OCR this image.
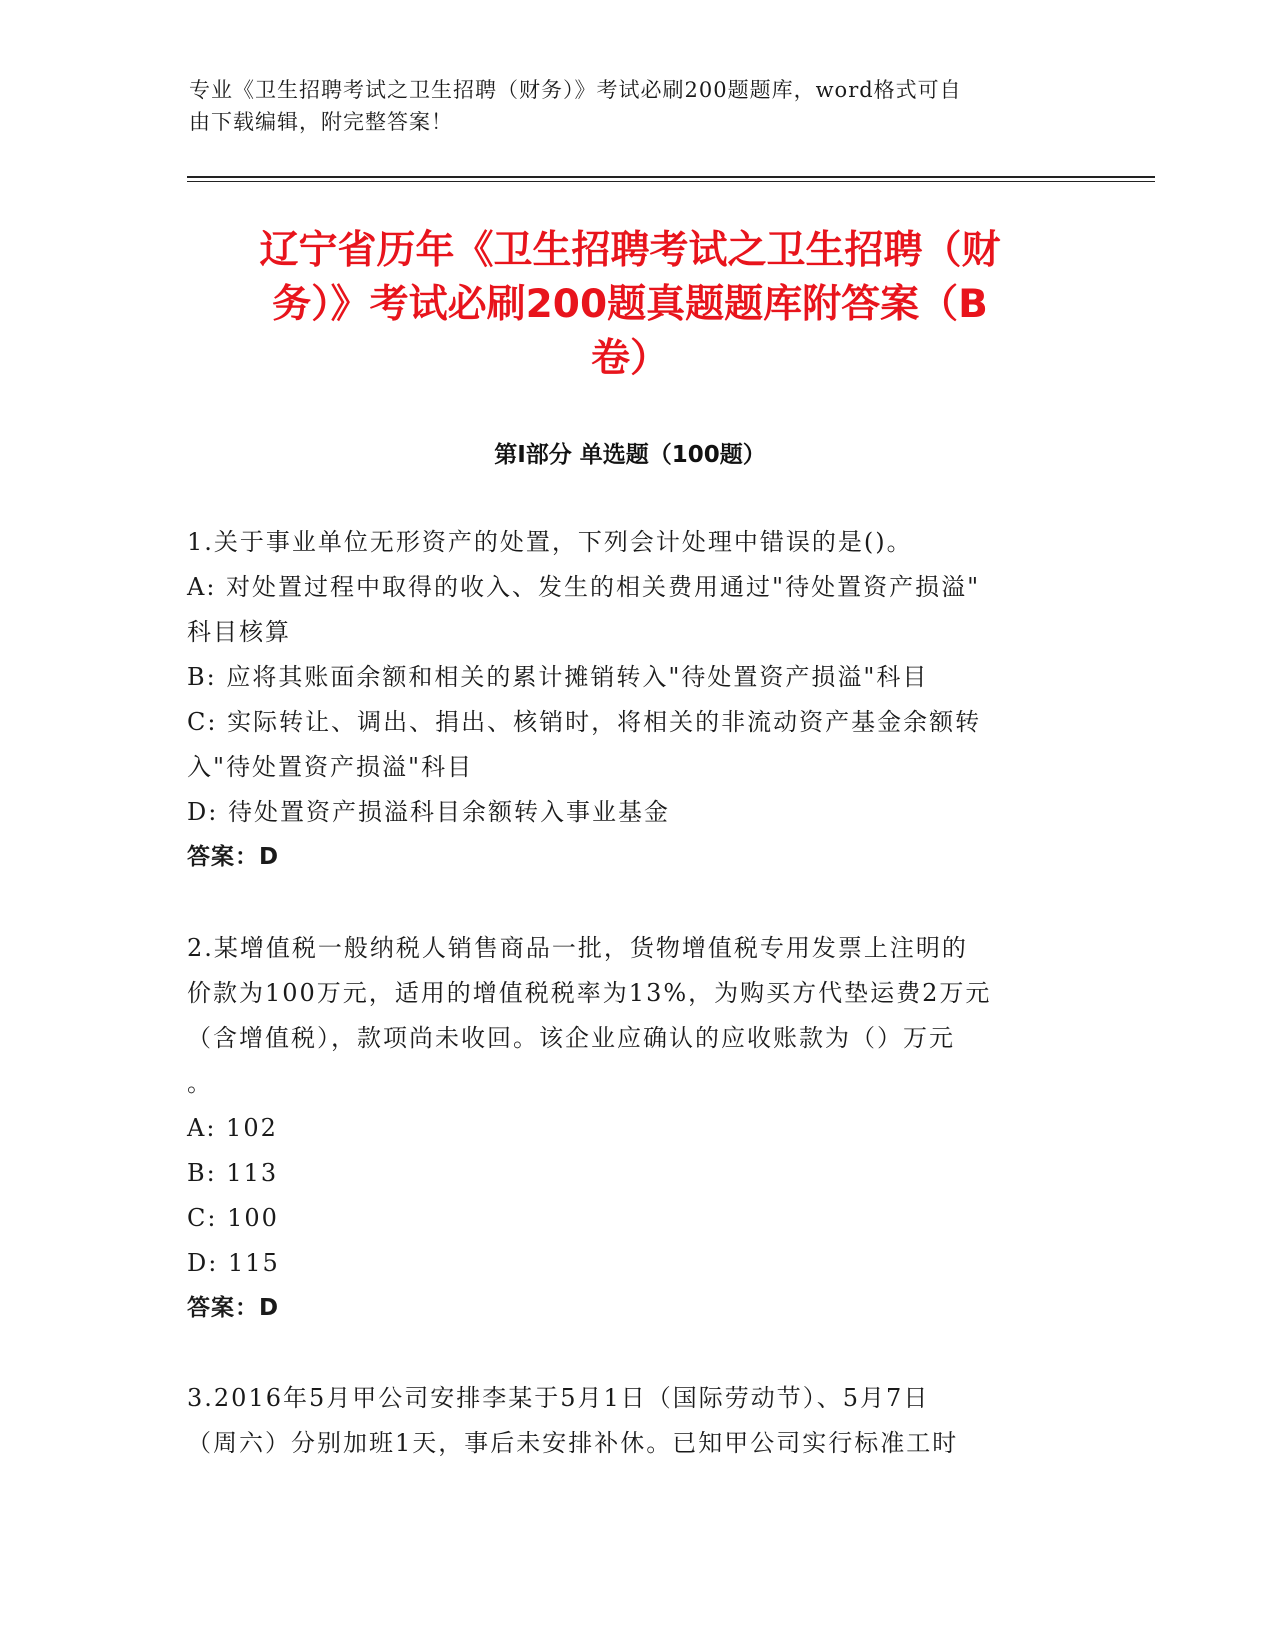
专业《卫生招聘考试之卫生招聘（财务）》考试必刷200题题库，word格式可自
由下载编辑，附完整答案！
辽宁省历年《卫生招聘考试之卫生招聘（财
务）》考试必刷200题真题题库附答案（B
卷）
第Ⅰ部分 单选题（100题）
1.关于事业单位无形资产的处置，下列会计处理中错误的是()。
A: 对处置过程中取得的收入、发生的相关费用通过"待处置资产损溢"
科目核算
B: 应将其账面余额和相关的累计摊销转入"待处置资产损溢"科目
C: 实际转让、调出、捐出、核销时，将相关的非流动资产基金余额转
入"待处置资产损溢"科目
D: 待处置资产损溢科目余额转入事业基金
答案：D
2.某增值税一般纳税人销售商品一批，货物增值税专用发票上注明的
价款为100万元，适用的增值税税率为13%，为购买方代垫运费2万元
（含增值税），款项尚未收回。该企业应确认的应收账款为（）万元
。
A: 102
B: 113
C: 100
D: 115
答案：D
3.2016年5月甲公司安排李某于5月1日（国际劳动节）、5月7日
（周六）分别加班1天，事后未安排补休。已知甲公司实行标准工时
